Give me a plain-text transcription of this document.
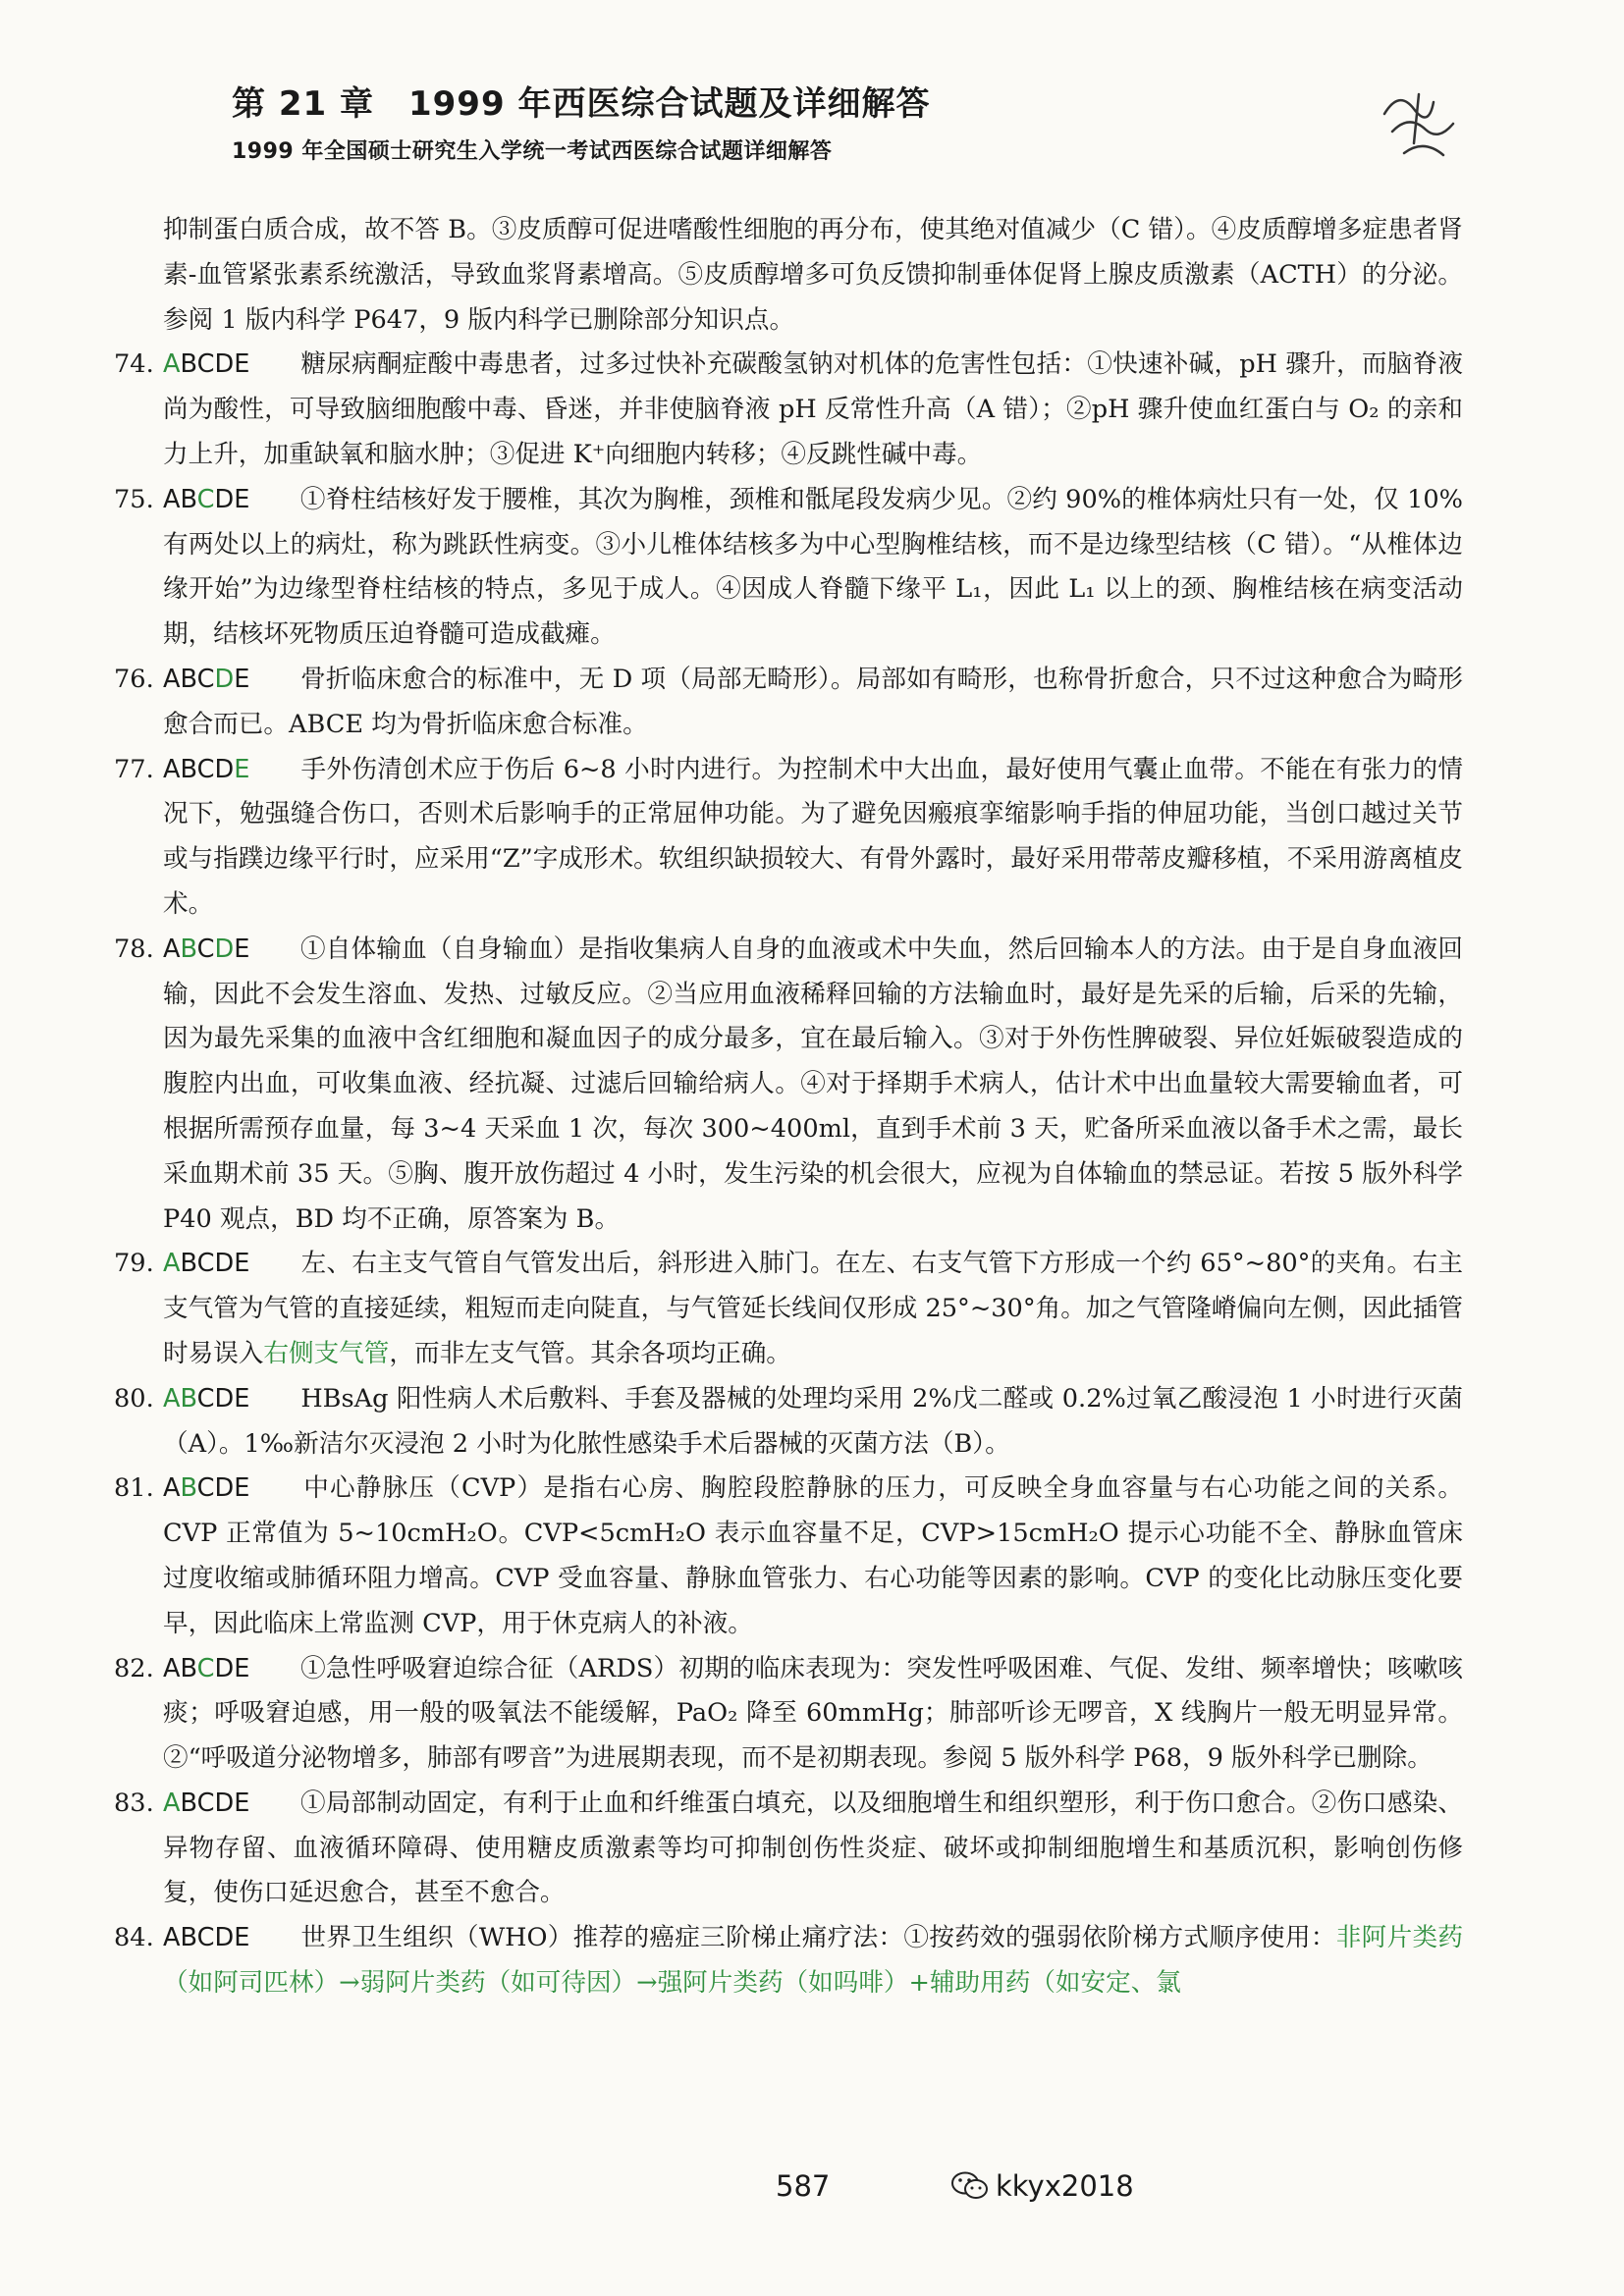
第 21 章　1999 年西医综合试题及详细解答
1999 年全国硕士研究生入学统一考试西医综合试题详细解答

抑制蛋白质合成，故不答 B。③皮质醇可促进嗜酸性细胞的再分布，使其绝对值减少（C 错）。④皮质醇增多症患者肾素-血管紧张素系统激活，导致血浆肾素增高。⑤皮质醇增多可负反馈抑制垂体促肾上腺皮质激素（ACTH）的分泌。参阅 1 版内科学 P647，9 版内科学已删除部分知识点。

74. ABCDE　　 糖尿病酮症酸中毒患者，过多过快补充碳酸氢钠对机体的危害性包括：①快速补碱，pH 骤升，而脑脊液尚为酸性，可导致脑细胞酸中毒、昏迷，并非使脑脊液 pH 反常性升高（A 错）；②pH 骤升使血红蛋白与 O₂ 的亲和力上升，加重缺氧和脑水肿；③促进 K⁺向细胞内转移；④反跳性碱中毒。

75. ABCDE　　 ①脊柱结核好发于腰椎，其次为胸椎，颈椎和骶尾段发病少见。②约 90%的椎体病灶只有一处，仅 10%有两处以上的病灶，称为跳跃性病变。③小儿椎体结核多为中心型胸椎结核，而不是边缘型结核（C 错）。“从椎体边缘开始”为边缘型脊柱结核的特点，多见于成人。④因成人脊髓下缘平 L₁，因此 L₁ 以上的颈、胸椎结核在病变活动期，结核坏死物质压迫脊髓可造成截瘫。

76. ABCDE　　 骨折临床愈合的标准中，无 D 项（局部无畸形）。局部如有畸形，也称骨折愈合，只不过这种愈合为畸形愈合而已。ABCE 均为骨折临床愈合标准。

77. ABCDE　　 手外伤清创术应于伤后 6~8 小时内进行。为控制术中大出血，最好使用气囊止血带。不能在有张力的情况下，勉强缝合伤口，否则术后影响手的正常屈伸功能。为了避免因瘢痕挛缩影响手指的伸屈功能，当创口越过关节或与指蹼边缘平行时，应采用“Z”字成形术。软组织缺损较大、有骨外露时，最好采用带蒂皮瓣移植，不采用游离植皮术。

78. ABCDE　　 ①自体输血（自身输血）是指收集病人自身的血液或术中失血，然后回输本人的方法。由于是自身血液回输，因此不会发生溶血、发热、过敏反应。②当应用血液稀释回输的方法输血时，最好是先采的后输，后采的先输，因为最先采集的血液中含红细胞和凝血因子的成分最多，宜在最后输入。③对于外伤性脾破裂、异位妊娠破裂造成的腹腔内出血，可收集血液、经抗凝、过滤后回输给病人。④对于择期手术病人，估计术中出血量较大需要输血者，可根据所需预存血量，每 3~4 天采血 1 次，每次 300~400ml，直到手术前 3 天，贮备所采血液以备手术之需，最长采血期术前 35 天。⑤胸、腹开放伤超过 4 小时，发生污染的机会很大，应视为自体输血的禁忌证。若按 5 版外科学 P40 观点，BD 均不正确，原答案为 B。

79. ABCDE　　 左、右主支气管自气管发出后，斜形进入肺门。在左、右支气管下方形成一个约 65°~80°的夹角。右主支气管为气管的直接延续，粗短而走向陡直，与气管延长线间仅形成 25°~30°角。加之气管隆嵴偏向左侧，因此插管时易误入右侧支气管，而非左支气管。其余各项均正确。

80. ABCDE　　 HBsAg 阳性病人术后敷料、手套及器械的处理均采用 2%戊二醛或 0.2%过氧乙酸浸泡 1 小时进行灭菌（A）。1‰新洁尔灭浸泡 2 小时为化脓性感染手术后器械的灭菌方法（B）。

81. ABCDE　　 中心静脉压（CVP）是指右心房、胸腔段腔静脉的压力，可反映全身血容量与右心功能之间的关系。CVP 正常值为 5~10cmH₂O。CVP<5cmH₂O 表示血容量不足，CVP>15cmH₂O 提示心功能不全、静脉血管床过度收缩或肺循环阻力增高。CVP 受血容量、静脉血管张力、右心功能等因素的影响。CVP 的变化比动脉压变化要早，因此临床上常监测 CVP，用于休克病人的补液。

82. ABCDE　　 ①急性呼吸窘迫综合征（ARDS）初期的临床表现为：突发性呼吸困难、气促、发绀、频率增快；咳嗽咳痰；呼吸窘迫感，用一般的吸氧法不能缓解，PaO₂ 降至 60mmHg；肺部听诊无啰音，X 线胸片一般无明显异常。②“呼吸道分泌物增多，肺部有啰音”为进展期表现，而不是初期表现。参阅 5 版外科学 P68，9 版外科学已删除。

83. ABCDE　　 ①局部制动固定，有利于止血和纤维蛋白填充，以及细胞增生和组织塑形，利于伤口愈合。②伤口感染、异物存留、血液循环障碍、使用糖皮质激素等均可抑制创伤性炎症、破坏或抑制细胞增生和基质沉积，影响创伤修复，使伤口延迟愈合，甚至不愈合。

84. ABCDE　　 世界卫生组织（WHO）推荐的癌症三阶梯止痛疗法：①按药效的强弱依阶梯方式顺序使用：非阿片类药（如阿司匹林）→弱阿片类药（如可待因）→强阿片类药（如吗啡）+辅助用药（如安定、氯

587	kkyx2018
